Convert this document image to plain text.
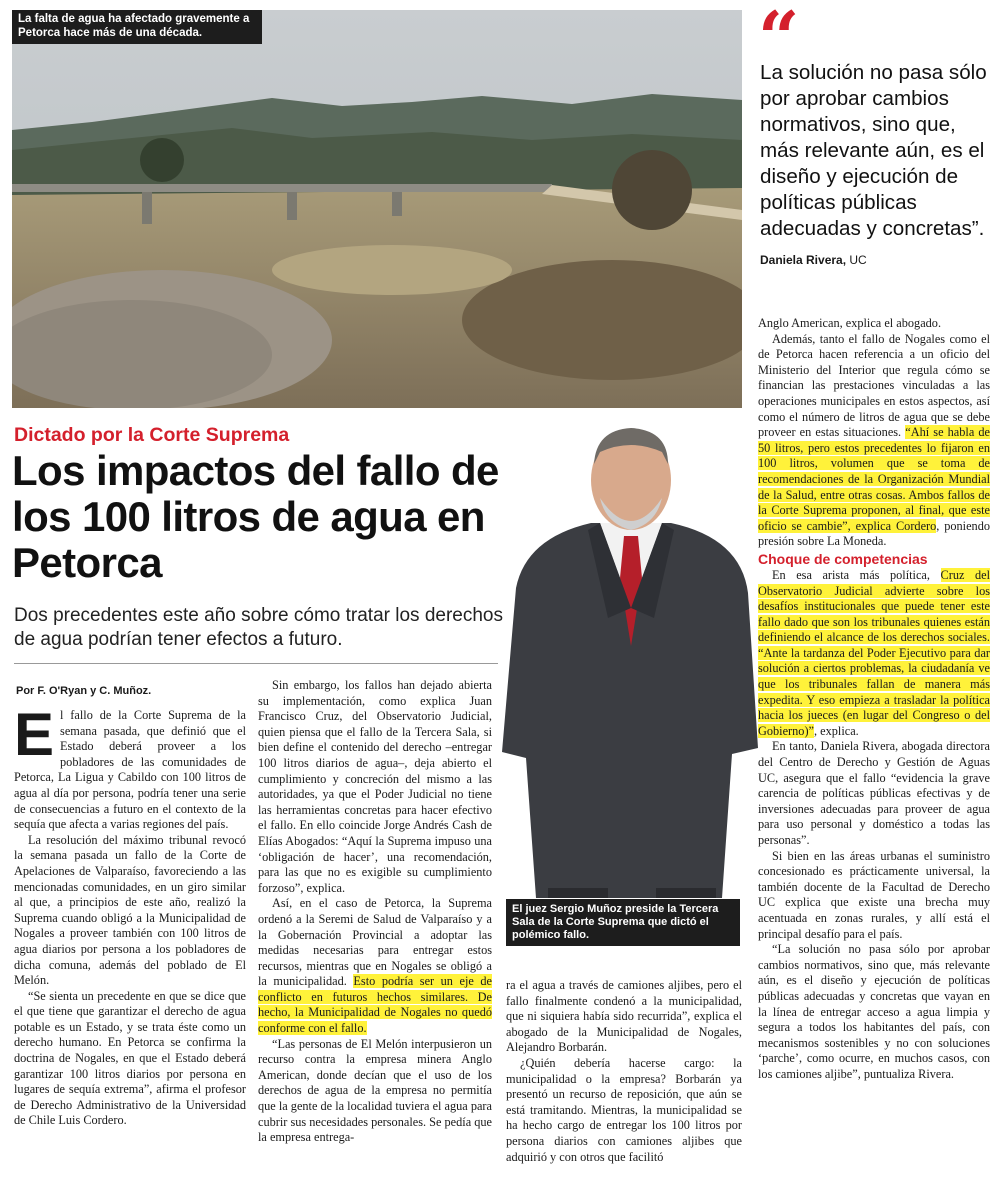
La falta de agua ha afectado gravemente a Petorca hace más de una década.	“
La solución no pasa sólo por aprobar cambios normativos, sino que, más relevante aún, es el diseño y ejecución de políticas públicas adecuadas y concretas”.
Daniela Rivera, UC
Dictado por la Corte Suprema
Los impactos del fallo de los 100 litros de agua en Petorca
Dos precedentes este año sobre cómo tratar los derechos de agua podrían tener efectos a futuro.
Por F. O'Ryan y C. Muñoz.

El fallo de la Corte Suprema de la semana pasada, que definió que el Estado deberá proveer a los pobladores de las comunidades de Petorca, La Ligua y Cabildo con 100 litros de agua al día por persona, podría tener una serie de consecuencias a futuro en el contexto de la sequía que afecta a varias regiones del país.

La resolución del máximo tribunal revocó la semana pasada un fallo de la Corte de Apelaciones de Valparaíso, favoreciendo a las mencionadas comunidades, en un giro similar al que, a principios de este año, realizó la Suprema cuando obligó a la Municipalidad de Nogales a proveer también con 100 litros de agua diarios por persona a los pobladores de dicha comuna, además del poblado de El Melón.

“Se sienta un precedente en que se dice que el que tiene que garantizar el derecho de agua potable es un Estado, y se trata éste como un derecho humano. En Petorca se confirma la doctrina de Nogales, en que el Estado deberá garantizar 100 litros diarios por persona en lugares de sequía extrema”, afirma el profesor de Derecho Administrativo de la Universidad de Chile Luis Cordero.

Sin embargo, los fallos han dejado abierta su implementación, como explica Juan Francisco Cruz, del Observatorio Judicial, quien piensa que el fallo de la Tercera Sala, si bien define el contenido del derecho –entregar 100 litros diarios de agua–, deja abierto el cumplimiento y concreción del mismo a las autoridades, ya que el Poder Judicial no tiene las herramientas concretas para hacer efectivo el fallo. En ello coincide Jorge Andrés Cash de Elías Abogados: “Aquí la Suprema impuso una ‘obligación de hacer’, una recomendación, para las que no es exigible su cumplimiento forzoso”, explica.

Así, en el caso de Petorca, la Suprema ordenó a la Seremi de Salud de Valparaíso y a la Gobernación Provincial a adoptar las medidas necesarias para entregar estos recursos, mientras que en Nogales se obligó a la municipalidad. Esto podría ser un eje de conflicto en futuros hechos similares. De hecho, la Municipalidad de Nogales no quedó conforme con el fallo.

“Las personas de El Melón interpusieron un recurso contra la empresa minera Anglo American, donde decían que el uso de los derechos de agua de la empresa no permitía que la gente de la localidad tuviera el agua para cubrir sus necesidades personales. Se pedía que la empresa entrega-

El juez Sergio Muñoz preside la Tercera Sala de la Corte Suprema que dictó el polémico fallo.

ra el agua a través de camiones aljibes, pero el fallo finalmente condenó a la municipalidad, que ni siquiera había sido recurrida”, explica el abogado de la Municipalidad de Nogales, Alejandro Borbarán.

¿Quién debería hacerse cargo: la municipalidad o la empresa? Borbarán ya presentó un recurso de reposición, que aún se está tramitando. Mientras, la municipalidad se ha hecho cargo de entregar los 100 litros por persona diarios con camiones aljibes que adquirió y con otros que facilitó

Anglo American, explica el abogado.

Además, tanto el fallo de Nogales como el de Petorca hacen referencia a un oficio del Ministerio del Interior que regula cómo se financian las prestaciones vinculadas a las operaciones municipales en estos aspectos, así como el número de litros de agua que se debe proveer en estas situaciones. “Ahí se habla de 50 litros, pero estos precedentes lo fijaron en 100 litros, volumen que se toma de recomendaciones de la Organización Mundial de la Salud, entre otras cosas. Ambos fallos de la Corte Suprema proponen, al final, que este oficio se cambie”, explica Cordero, poniendo presión sobre La Moneda.

Choque de competencias

En esa arista más política, Cruz del Observatorio Judicial advierte sobre los desafíos institucionales que puede tener este fallo dado que son los tribunales quienes están definiendo el alcance de los derechos sociales. “Ante la tardanza del Poder Ejecutivo para dar solución a ciertos problemas, la ciudadanía ve que los tribunales fallan de manera más expedita. Y eso empieza a trasladar la política hacia los jueces (en lugar del Congreso o del Gobierno)”, explica.

En tanto, Daniela Rivera, abogada directora del Centro de Derecho y Gestión de Aguas UC, asegura que el fallo “evidencia la grave carencia de políticas públicas efectivas y de inversiones adecuadas para proveer de agua para uso personal y doméstico a todas las personas”.

Si bien en las áreas urbanas el suministro concesionado es prácticamente universal, la también docente de la Facultad de Derecho UC explica que existe una brecha muy acentuada en zonas rurales, y allí está el principal desafío para el país.

“La solución no pasa sólo por aprobar cambios normativos, sino que, más relevante aún, es el diseño y ejecución de políticas públicas adecuadas y concretas que vayan en la línea de entregar acceso a agua limpia y segura a todos los habitantes del país, con mecanismos sostenibles y no con soluciones ‘parche’, como ocurre, en muchos casos, con los camiones aljibe”, puntualiza Rivera.
